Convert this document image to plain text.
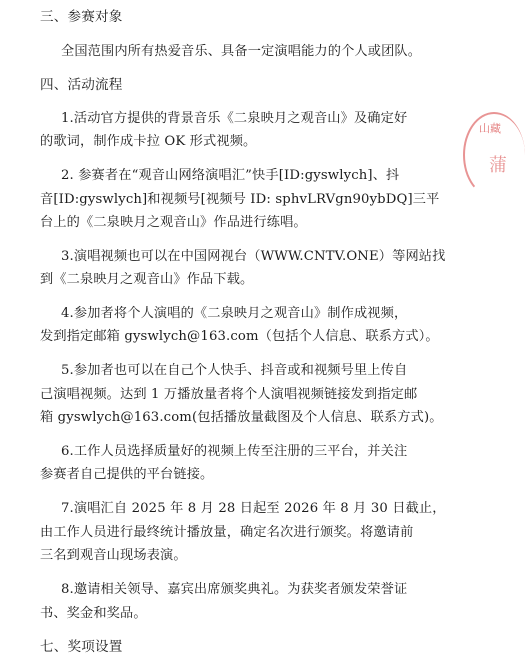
三、参赛对象
全国范围内所有热爱音乐、具备一定演唱能力的个人或团队。
四、活动流程
1.活动官方提供的背景音乐《二泉映月之观音山》及确定好
的歌词，制作成卡拉 OK 形式视频。
2. 参赛者在“观音山网络演唱汇”快手[ID:gyswlych]、抖
音[ID:gyswlych]和视频号[视频号 ID: sphvLRVgn90ybDQ]三平
台上的《二泉映月之观音山》作品进行练唱。
3.演唱视频也可以在中国网视台（WWW.CNTV.ONE）等网站找
到《二泉映月之观音山》作品下载。
4.参加者将个人演唱的《二泉映月之观音山》制作成视频，
发到指定邮箱 gyswlych@163.com（包括个人信息、联系方式）。
5.参加者也可以在自己个人快手、抖音或和视频号里上传自
己演唱视频。达到 1 万播放量者将个人演唱视频链接发到指定邮
箱 gyswlych@163.com(包括播放量截图及个人信息、联系方式)。
6.工作人员选择质量好的视频上传至注册的三平台，并关注
参赛者自己提供的平台链接。
7.演唱汇自 2025 年 8 月 28 日起至 2026 年 8 月 30 日截止，
由工作人员进行最终统计播放量，确定名次进行颁奖。将邀请前
三名到观音山现场表演。
8.邀请相关领导、嘉宾出席颁奖典礼。为获奖者颁发荣誉证
书、奖金和奖品。
七、奖项设置
山藏
蒲
